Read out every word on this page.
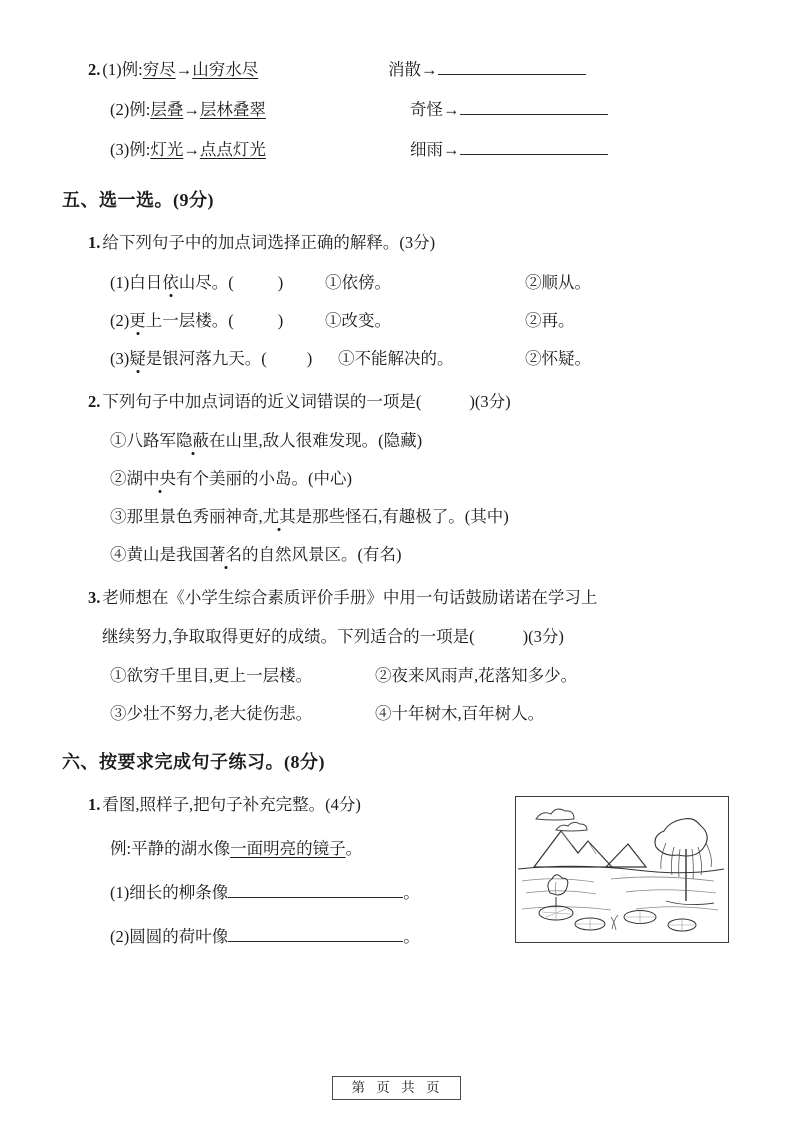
2. (1)例:穷尽→山穷水尽	消散→
(2)例:层叠→层林叠翠	奇怪→
(3)例:灯光→点点灯光	细雨→
五、选一选。(9分)
1. 给下列句子中的加点词选择正确的解释。(3分)
(1)白日依山尽。(	)	①依傍。	②顺从。
(2)更上一层楼。(	)	①改变。	②再。
(3)疑是银河落九天。( )	①不能解决的。	②怀疑。
2. 下列句子中加点词语的近义词错误的一项是(	)(3分)
①八路军隐蔽在山里,敌人很难发现。(隐藏)
②湖中央有个美丽的小岛。(中心)
③那里景色秀丽神奇,尤其是那些怪石,有趣极了。(其中)
④黄山是我国著名的自然风景区。(有名)
3. 老师想在《小学生综合素质评价手册》中用一句话鼓励诺诺在学习上
继续努力,争取取得更好的成绩。下列适合的一项是(	)(3分)
①欲穷千里目,更上一层楼。	②夜来风雨声,花落知多少。
③少壮不努力,老大徒伤悲。	④十年树木,百年树人。
六、按要求完成句子练习。(8分)
1. 看图,照样子,把句子补充完整。(4分)
例: 平静的湖水像 一面明亮的镜子 。
(1) 细长的柳条像	。
(2) 圆圆的荷叶像	。
第 页 共 页
